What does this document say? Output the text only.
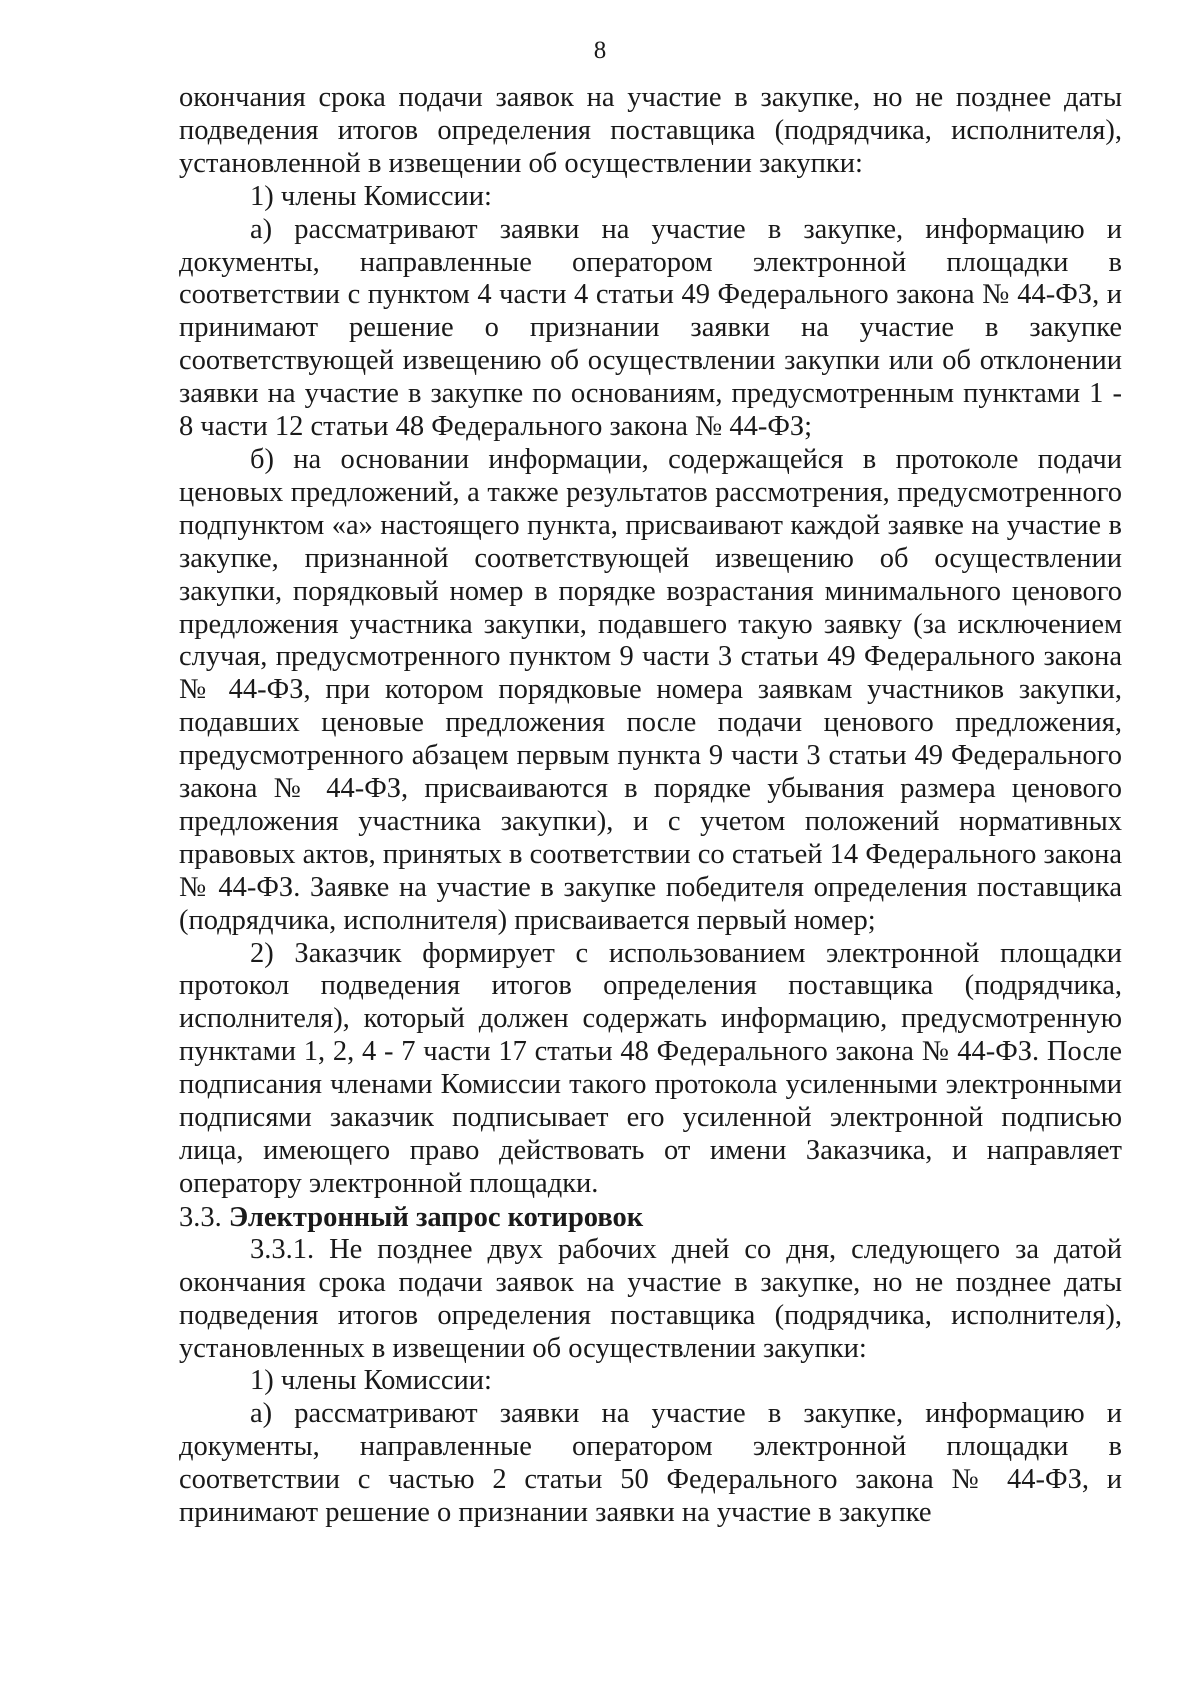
8

окончания срока подачи заявок на участие в закупке, но не позднее даты подведения итогов определения поставщика (подрядчика, исполнителя), установленной в извещении об осуществлении закупки:

1) члены Комиссии:

а) рассматривают заявки на участие в закупке, информацию и документы, направленные оператором электронной площадки в соответствии с пунктом 4 части 4 статьи 49 Федерального закона № 44-ФЗ, и принимают решение о признании заявки на участие в закупке соответствующей извещению об осуществлении закупки или об отклонении заявки на участие в закупке по основаниям, предусмотренным пунктами 1 - 8 части 12 статьи 48 Федерального закона № 44-ФЗ;

б) на основании информации, содержащейся в протоколе подачи ценовых предложений, а также результатов рассмотрения, предусмотренного подпунктом «а» настоящего пункта, присваивают каждой заявке на участие в закупке, признанной соответствующей извещению об осуществлении закупки, порядковый номер в порядке возрастания минимального ценового предложения участника закупки, подавшего такую заявку (за исключением случая, предусмотренного пунктом 9 части 3 статьи 49 Федерального закона № 44-ФЗ, при котором порядковые номера заявкам участников закупки, подавших ценовые предложения после подачи ценового предложения, предусмотренного абзацем первым пункта 9 части 3 статьи 49 Федерального закона № 44-ФЗ, присваиваются в порядке убывания размера ценового предложения участника закупки), и с учетом положений нормативных правовых актов, принятых в соответствии со статьей 14 Федерального закона № 44-ФЗ. Заявке на участие в закупке победителя определения поставщика (подрядчика, исполнителя) присваивается первый номер;

2) Заказчик формирует с использованием электронной площадки протокол подведения итогов определения поставщика (подрядчика, исполнителя), который должен содержать информацию, предусмотренную пунктами 1, 2, 4 - 7 части 17 статьи 48 Федерального закона № 44-ФЗ. После подписания членами Комиссии такого протокола усиленными электронными подписями заказчик подписывает его усиленной электронной подписью лица, имеющего право действовать от имени Заказчика, и направляет оператору электронной площадки.

3.3. Электронный запрос котировок

3.3.1. Не позднее двух рабочих дней со дня, следующего за датой окончания срока подачи заявок на участие в закупке, но не позднее даты подведения итогов определения поставщика (подрядчика, исполнителя), установленных в извещении об осуществлении закупки:

1) члены Комиссии:

а) рассматривают заявки на участие в закупке, информацию и документы, направленные оператором электронной площадки в соответствии с частью 2 статьи 50 Федерального закона № 44-ФЗ, и принимают решение о признании заявки на участие в закупке
